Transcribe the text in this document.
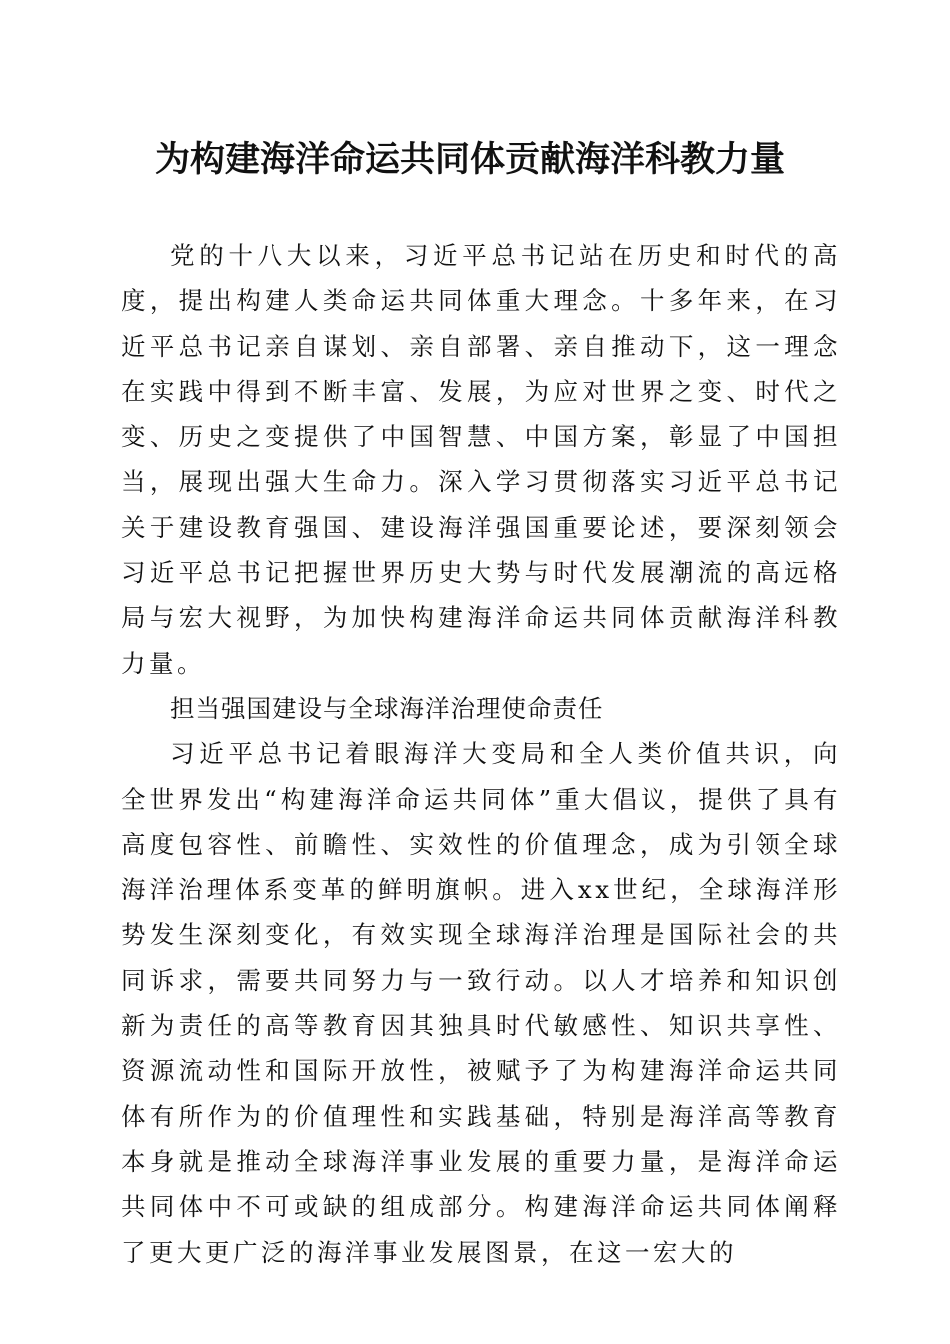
为构建海洋命运共同体贡献海洋科教力量

党的十八大以来，习近平总书记站在历史和时代的高度，提出构建人类命运共同体重大理念。十多年来，在习近平总书记亲自谋划、亲自部署、亲自推动下，这一理念在实践中得到不断丰富、发展，为应对世界之变、时代之变、历史之变提供了中国智慧、中国方案，彰显了中国担当，展现出强大生命力。深入学习贯彻落实习近平总书记关于建设教育强国、建设海洋强国重要论述，要深刻领会习近平总书记把握世界历史大势与时代发展潮流的高远格局与宏大视野，为加快构建海洋命运共同体贡献海洋科教力量。

担当强国建设与全球海洋治理使命责任

习近平总书记着眼海洋大变局和全人类价值共识，向全世界发出“构建海洋命运共同体”重大倡议，提供了具有高度包容性、前瞻性、实效性的价值理念，成为引领全球海洋治理体系变革的鲜明旗帜。进入xx世纪，全球海洋形势发生深刻变化，有效实现全球海洋治理是国际社会的共同诉求，需要共同努力与一致行动。以人才培养和知识创新为责任的高等教育因其独具时代敏感性、知识共享性、资源流动性和国际开放性，被赋予了为构建海洋命运共同体有所作为的价值理性和实践基础，特别是海洋高等教育本身就是推动全球海洋事业发展的重要力量，是海洋命运共同体中不可或缺的组成部分。构建海洋命运共同体阐释了更大更广泛的海洋事业发展图景，在这一宏大的
